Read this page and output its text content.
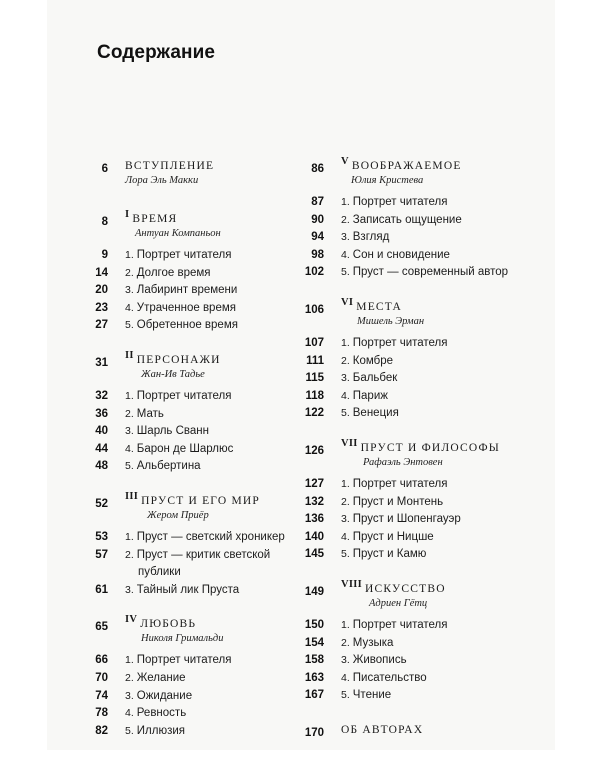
Содержание
6 ВСТУПЛЕНИЕ
Лора Эль Макки
8
I ВРЕМЯ
Антуан Компаньон
9 1. Портрет читателя
14 2. Долгое время
20 3. Лабиринт времени
23 4. Утраченное время
27 5. Обретенное время
31
II ПЕРСОНАЖИ
Жан-Ив Тадье
32 1. Портрет читателя
36 2. Мать
40 3. Шарль Сванн
44 4. Барон де Шарлюс
48 5. Альбертина
52
III ПРУСТ И ЕГО МИР
Жером Приёр
53 1. Пруст — светский хроникер
57 2. Пруст — критик светской
публики
61 3. Тайный лик Пруста
65
IV ЛЮБОВЬ
Николя Гримальди
66 1. Портрет читателя
70 2. Желание
74 3. Ожидание
78 4. Ревность
82 5. Иллюзия
86
V ВООБРАЖАЕМОЕ
Юлия Кристева
87 1. Портрет читателя
90 2. Записать ощущение
94 3. Взгляд
98 4. Сон и сновидение
102 5. Пруст — современный автор
106
VI МЕСТА
Мишель Эрман
107 1. Портрет читателя
111 2. Комбре
115 3. Бальбек
118 4. Париж
122 5. Венеция
126
VII ПРУСТ И ФИЛОСОФЫ
Рафаэль Энтовен
127 1. Портрет читателя
132 2. Пруст и Монтень
136 3. Пруст и Шопенгауэр
140 4. Пруст и Ницше
145 5. Пруст и Камю
149
VIII ИСКУССТВО
Адриен Гётц
150 1. Портрет читателя
154 2. Музыка
158 3. Живопись
163 4. Писательство
167 5. Чтение
170 ОБ АВТОРАХ
